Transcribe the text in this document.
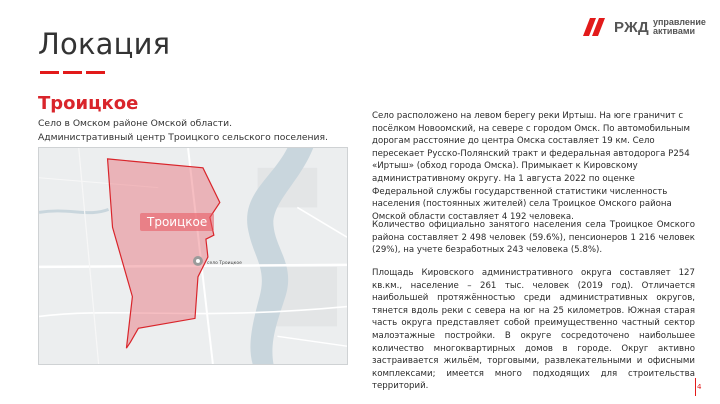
Локация	РЖД управление
активами
Троицкое
Село в Омском районе Омской области.
Административный центр Троицкого сельского поселения.
Троицкое
село Троицкое

Село расположено на левом берегу реки Иртыш. На юге граничит с посёлком Новоомский, на севере с городом Омск. По автомобильным дорогам расстояние до центра Омска составляет 19 км. Село пересекает Русско-Полянский тракт и федеральная автодорога Р254 «Иртыш» (обход города Омска). Примыкает к Кировскому административному округу. На 1 августа 2022 по оценке Федеральной службы государственной статистики численность населения (постоянных жителей) села Троицкое Омского района Омской области составляет 4 192 человека.

Количество официально занятого населения села Троицкое Омского района составляет 2 498 человек (59.6%), пенсионеров 1 216 человек (29%), на учете безработных 243 человека (5.8%).

Площадь Кировского административного округа составляет 127 кв.км., население – 261 тыс. человек (2019 год). Отличается наибольшей протяжённостью среди административных округов, тянется вдоль реки с севера на юг на 25 километров. Южная старая часть округа представляет собой преимущественно частный сектор малоэтажные постройки. В округе сосредоточено наибольшее количество многоквартирных домов в городе. Округ активно застраивается жильём, торговыми, развлекательными и офисными комплексами; имеется много подходящих для строительства территорий.	4
